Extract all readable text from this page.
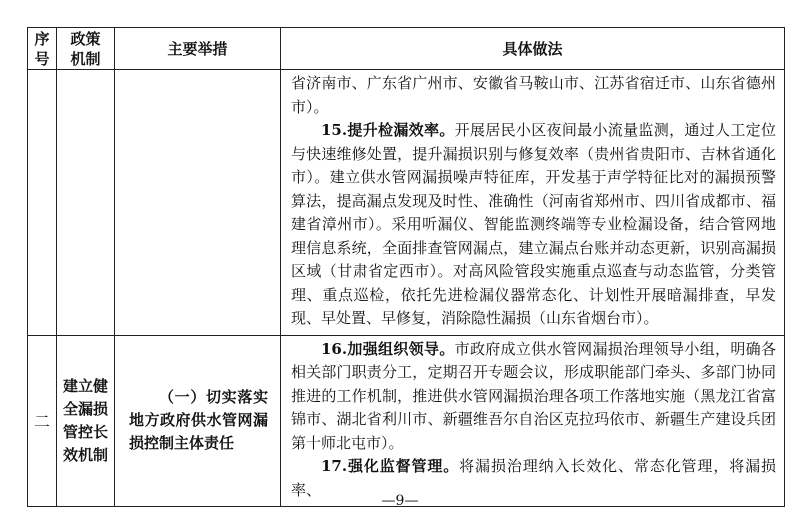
序号	政策机制	主要举措	具体做法

			省济南市、广东省广州市、安徽省马鞍山市、江苏省宿迁市、山东省德州市）。

15.提升检漏效率。开展居民小区夜间最小流量监测，通过人工定位与快速维修处置，提升漏损识别与修复效率（贵州省贵阳市、吉林省通化市）。建立供水管网漏损噪声特征库，开发基于声学特征比对的漏损预警算法，提高漏点发现及时性、准确性（河南省郑州市、四川省成都市、福建省漳州市）。采用听漏仪、智能监测终端等专业检漏设备，结合管网地理信息系统，全面排查管网漏点，建立漏点台账并动态更新，识别高漏损区域（甘肃省定西市）。对高风险管段实施重点巡查与动态监管，分类管理、重点巡检，依托先进检漏仪器常态化、计划性开展暗漏排查，早发现、早处置、早修复，消除隐性漏损（山东省烟台市）。

二	建立健全漏损管控长效机制	（一）切实落实地方政府供水管网漏损控制主体责任	16.加强组织领导。市政府成立供水管网漏损治理领导小组，明确各相关部门职责分工，定期召开专题会议，形成职能部门牵头、多部门协同推进的工作机制，推进供水管网漏损治理各项工作落地实施（黑龙江省富锦市、湖北省利川市、新疆维吾尔自治区克拉玛依市、新疆生产建设兵团第十师北屯市）。

17.强化监督管理。将漏损治理纳入长效化、常态化管理，将漏损率、

—9—
